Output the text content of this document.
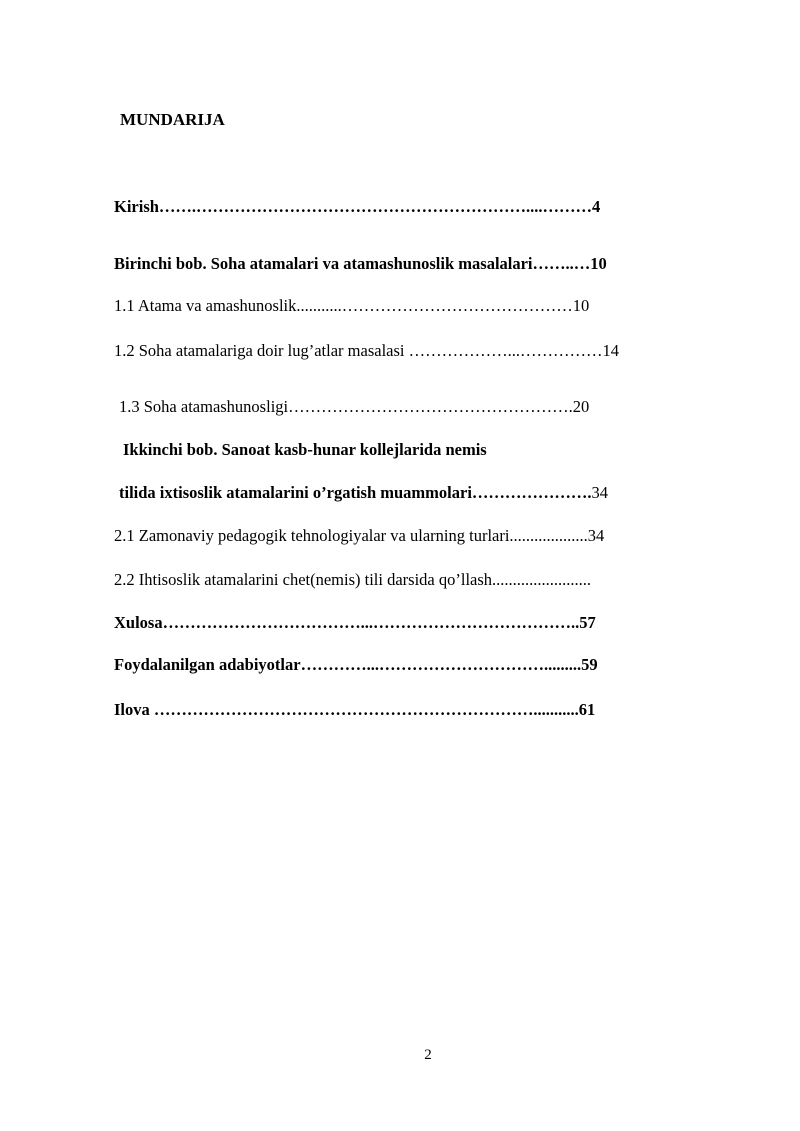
MUNDARIJA
Kirish…….……………………………………………………....………4
Birinchi bob. Soha atamalari va atamashunoslik masalalari……..…10
1.1 Atama va amashunoslik...........……………………………………10
1.2 Soha atamalariga doir lug’atlar masalasi ………………...……………14
1.3 Soha atamashunosligi…………………………………………….20
Ikkinchi bob. Sanoat kasb-hunar kollejlarida nemis
tilida ixtisoslik atamalarini o’rgatish muammolari………………….34
2.1 Zamonaviy pedagogik tehnologiyalar va ularning turlari...................34
2.2 Ihtisoslik atamalarini chet(nemis) tili darsida qo’llash........................
Xulosa………………………………...………………………………..57
Foydalanilgan adabiyotlar…………...………………………….........59
Ilova ……………………………………………………………...........61
2
